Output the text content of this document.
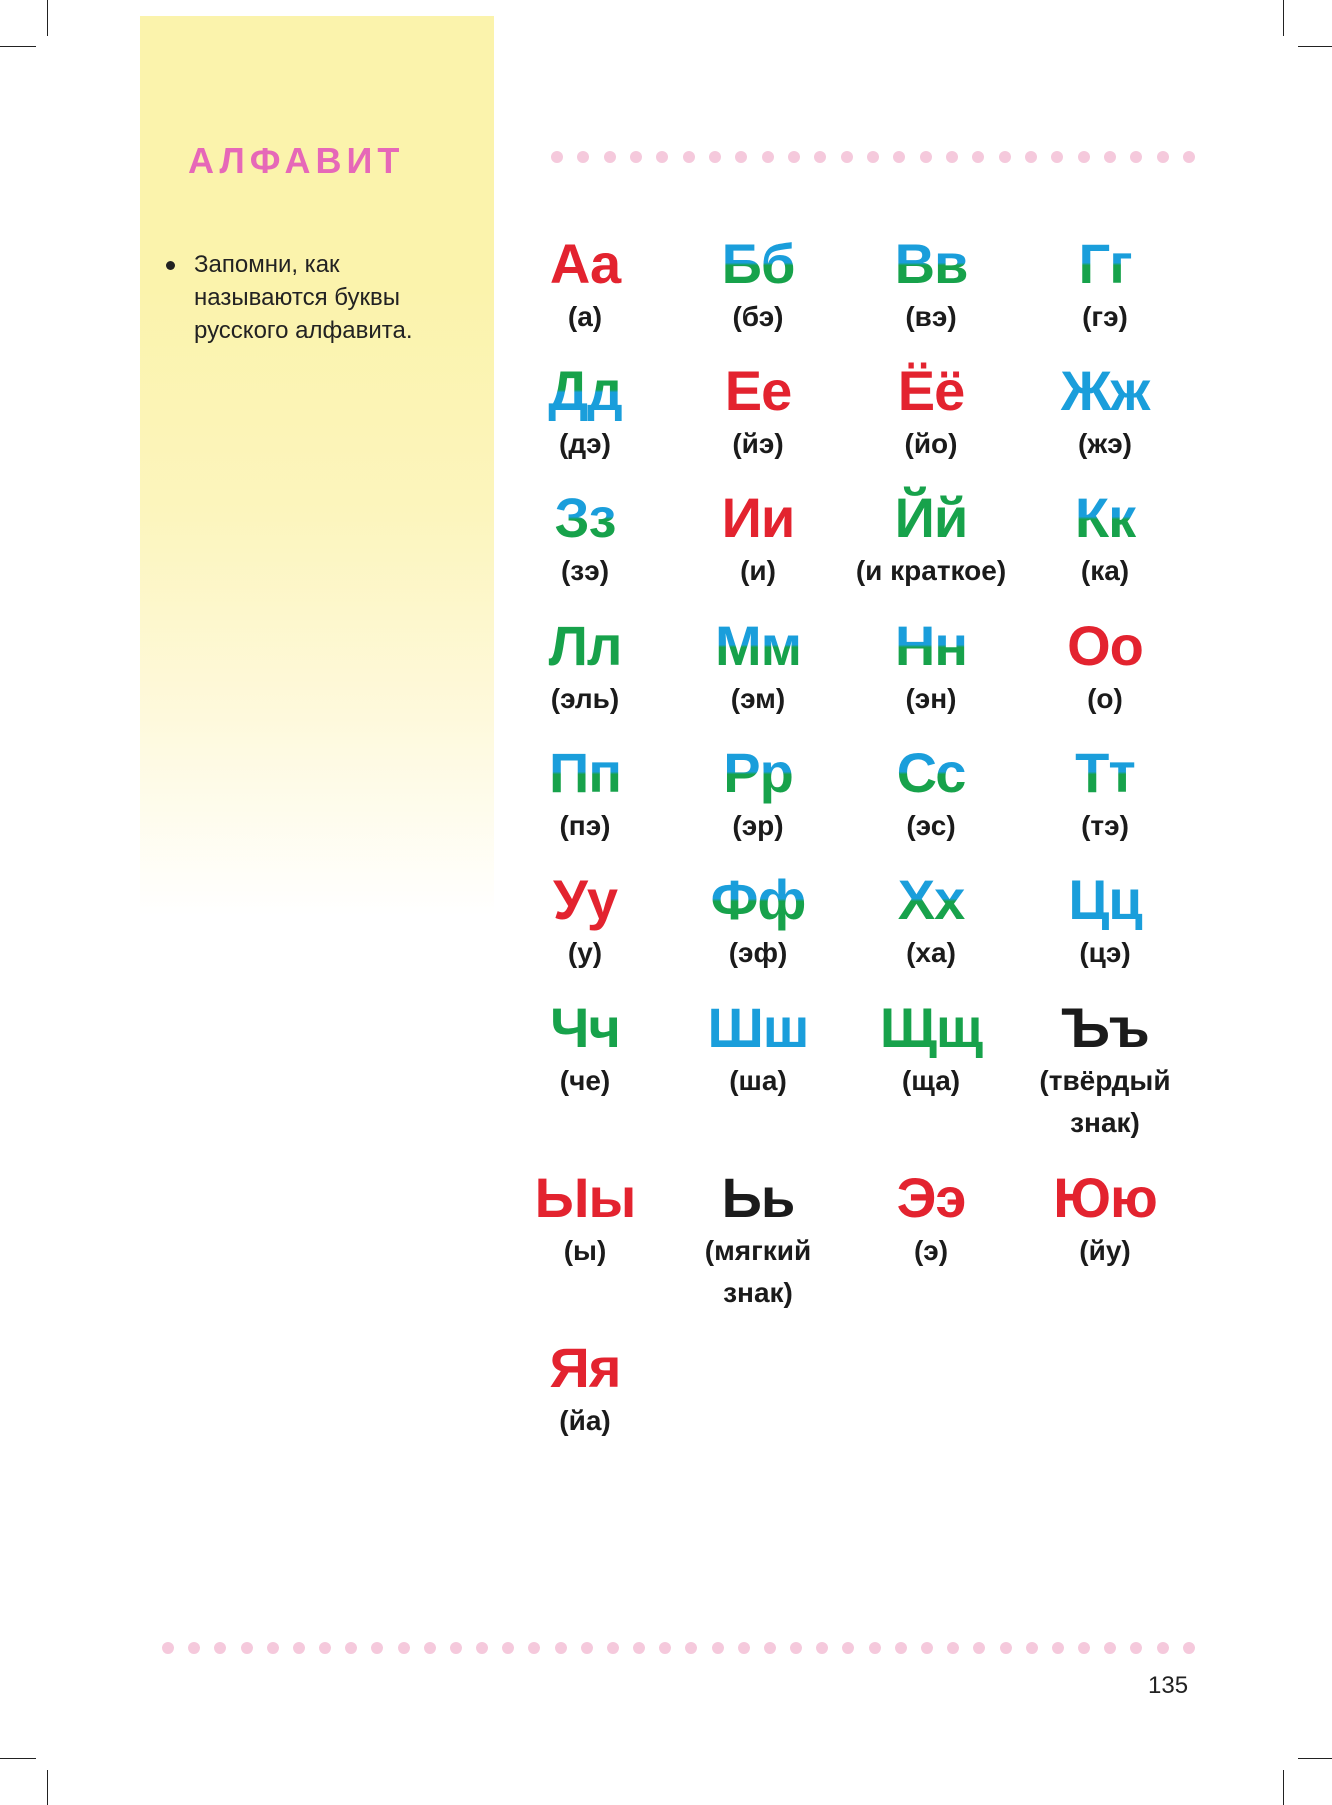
АЛФАВИТ
Запомни, как называются буквы русского алфавита.
Аа
(а)
Бб
(бэ)
Вв
(вэ)
Гг
(гэ)
Дд
(дэ)
Ее
(йэ)
Ёё
(йо)
Жж
(жэ)
Зз
(зэ)
Ии
(и)
Йй
(и краткое)
Кк
(ка)
Лл
(эль)
Мм
(эм)
Нн
(эн)
Оо
(о)
Пп
(пэ)
Рр
(эр)
Сс
(эс)
Тт
(тэ)
Уу
(у)
Фф
(эф)
Хх
(ха)
Цц
(цэ)
Чч
(че)
Шш
(ша)
Щщ
(ща)
Ъъ
(твёрдый
знак)
Ыы
(ы)
Ьь
(мягкий
знак)
Ээ
(э)
Юю
(йу)
Яя
(йа)
135
